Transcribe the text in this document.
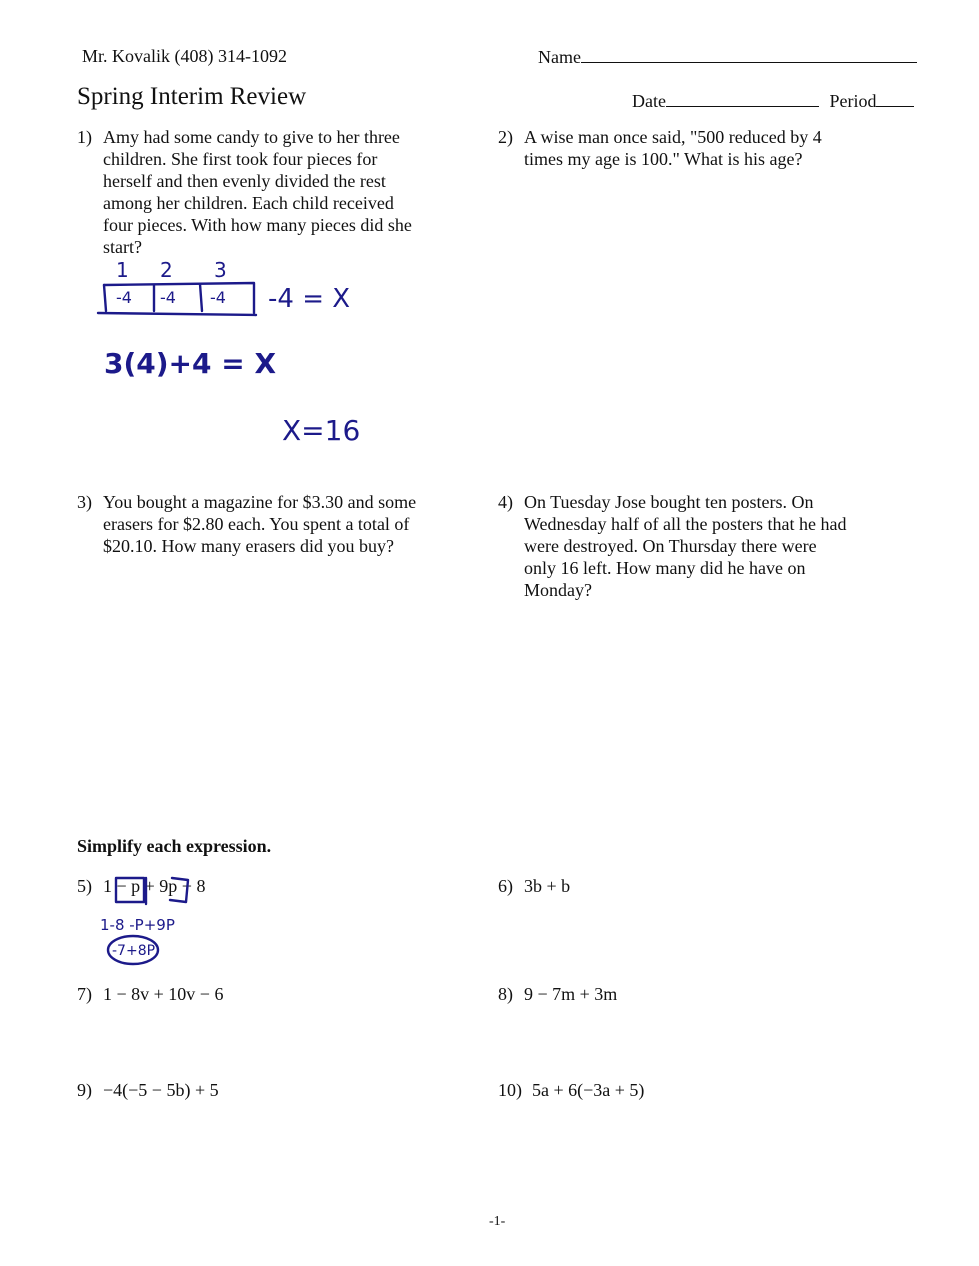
Mr. Kovalik (408) 314-1092	Name
Spring Interim Review	Date	Period
1) Amy had some candy to give to her three children. She first took four pieces for herself and then evenly divided the rest among her children. Each child received four pieces. With how many pieces did she start?
2) A wise man once said, "500 reduced by 4 times my age is 100." What is his age?
3) You bought a magazine for $3.30 and some erasers for $2.80 each. You spent a total of $20.10. How many erasers did you buy?
4) On Tuesday Jose bought ten posters. On Wednesday half of all the posters that he had were destroyed. On Thursday there were only 16 left. How many did he have on Monday?
1 2 3
-4 -4 -4 -4 = X
3(4)+4 = X
X=16
Simplify each expression.
5) 1 − p + 9p − 8	6) 3b + b
7) 1 − 8v + 10v − 6	8) 9 − 7m + 3m
9) −4(−5 − 5b) + 5	10) 5a + 6(−3a + 5)
1-8 -P+9P
-7+8P
-1-
